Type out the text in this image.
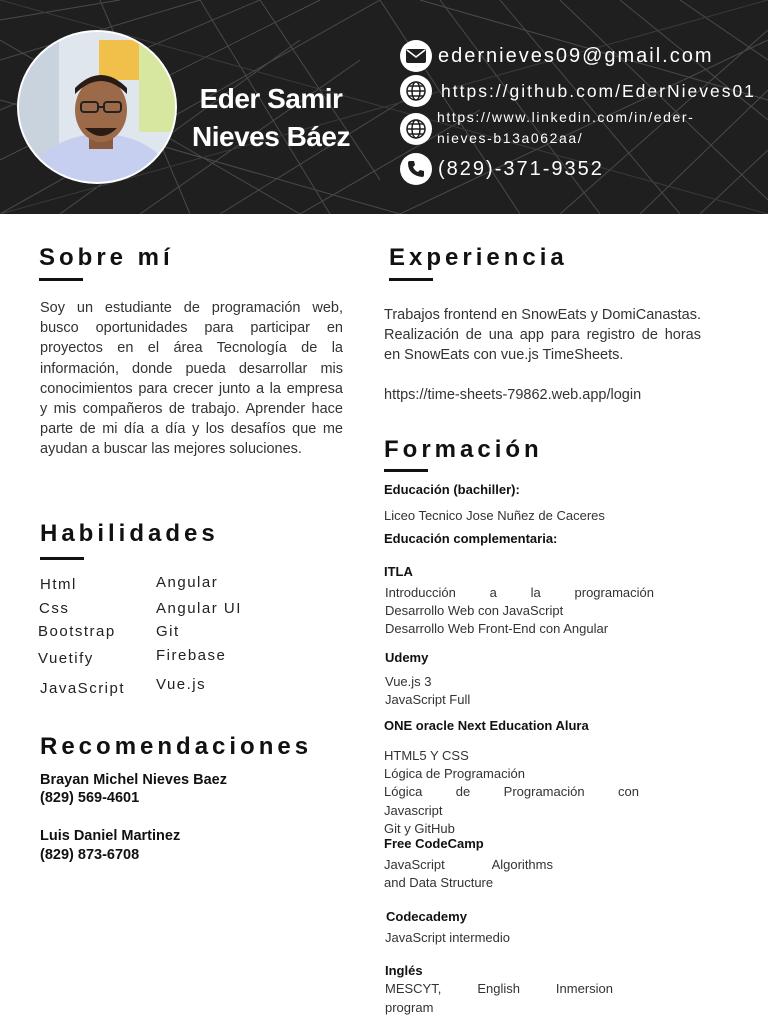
Eder Samir
Nieves Báez
edernieves09@gmail.com
https://github.com/EderNieves01
https://www.linkedin.com/in/eder-
nieves-b13a062aa/
(829)-371-9352
Sobre mí
Soy un estudiante de programación web, busco oportunidades para participar en proyectos en el área Tecnología de la información, donde pueda desarrollar mis conocimientos para crecer junto a la empresa y mis compañeros de trabajo. Aprender hace parte de mi día a día y los desafíos que me ayudan a buscar las mejores soluciones.
Habilidades
Html
Css
Bootstrap
Vuetify
JavaScript
Angular
Angular UI
Git
Firebase
Vue.js
Recomendaciones
Brayan Michel Nieves Baez
(829) 569-4601
Luis Daniel Martinez
(829) 873-6708
Experiencia
Trabajos frontend en SnowEats y DomiCanastas. Realización de una app para registro de horas en SnowEats con vue.js TimeSheets.
https://time-sheets-79862.web.app/login
Formación
Educación (bachiller):
Liceo Tecnico Jose Nuñez de Caceres
Educación complementaria:
ITLA
Introducción a la programación
Desarrollo Web con JavaScript
Desarrollo Web Front-End con Angular
Udemy
Vue.js 3
JavaScript Full
ONE oracle Next Education Alura
HTML5 Y CSS
Lógica de Programación
Lógica de Programación con
Javascript
Git y GitHub
Free CodeCamp
JavaScript Algorithms
and Data Structure
Codecademy
JavaScript intermedio
Inglés
MESCYT, English Inmersion
program
